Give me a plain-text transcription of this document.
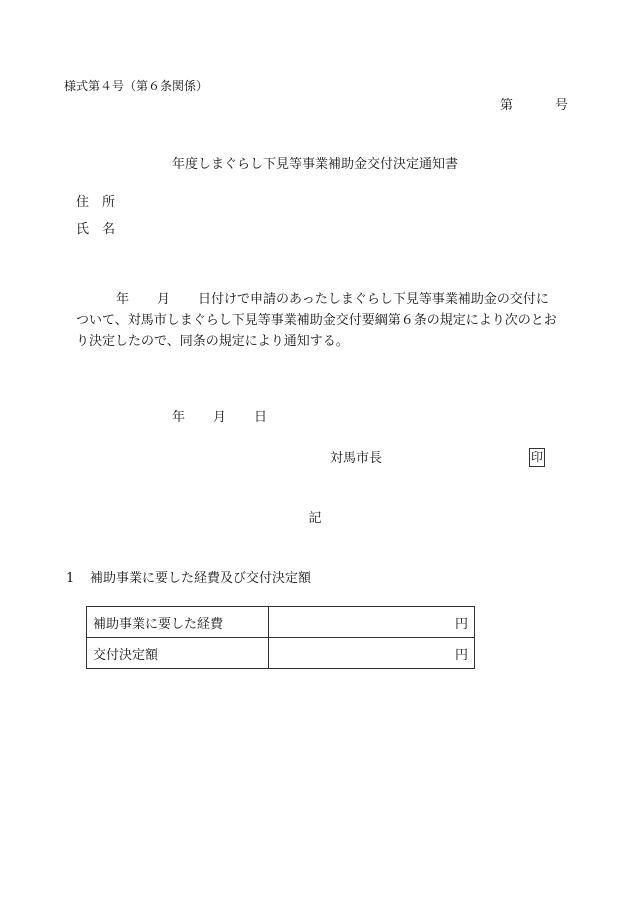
様式第４号（第６条関係）
第	号
年度しまぐらし下見等事業補助金交付決定通知書
住 所
氏 名
年 月 日付けで申請のあったしまぐらし下見等事業補助金の交付に
ついて、対馬市しまぐらし下見等事業補助金交付要綱第６条の規定により次のとお
り決定したので、同条の規定により通知する。
年 月 日
対馬市長	印
記
1 補助事業に要した経費及び交付決定額
補助事業に要した経費	円
交付決定額	円
